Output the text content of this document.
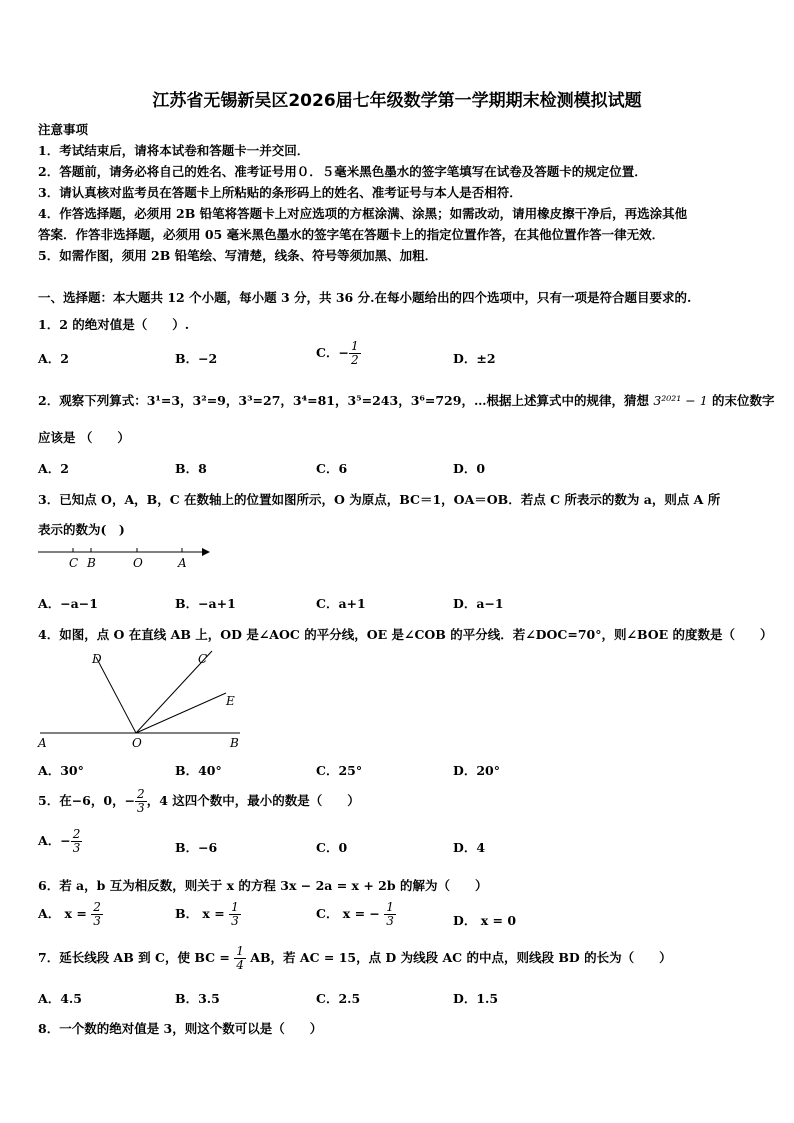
江苏省无锡新吴区2026届七年级数学第一学期期末检测模拟试题
注意事项
1．考试结束后，请将本试卷和答题卡一并交回．
2．答题前，请务必将自己的姓名、准考证号用０．５毫米黑色墨水的签字笔填写在试卷及答题卡的规定位置．
3．请认真核对监考员在答题卡上所粘贴的条形码上的姓名、准考证号与本人是否相符．
4．作答选择题，必须用 2B 铅笔将答题卡上对应选项的方框涂满、涂黑；如需改动，请用橡皮擦干净后，再选涂其他
答案．作答非选择题，必须用 05 毫米黑色墨水的签字笔在答题卡上的指定位置作答，在其他位置作答一律无效．
5．如需作图，须用 2B 铅笔绘、写清楚，线条、符号等须加黑、加粗．
一、选择题：本大题共 12 个小题，每小题 3 分，共 36 分.在每小题给出的四个选项中，只有一项是符合题目要求的.
1．2 的绝对值是（　　）.
A．2	B．−2	C．− $\frac{1}{2}$	D．±2
2．观察下列算式：3¹=3，3²=9，3³=27，3⁴=81，3⁵=243，3⁶=729，…根据上述算式中的规律，猜想 3²⁰²¹ − 1 的末位数字
应该是 （　　）
A．2	B．8	C．6	D．0
3．已知点 O，A，B，C 在数轴上的位置如图所示，O 为原点，BC＝1，OA＝OB．若点 C 所表示的数为 a，则点 A 所
表示的数为(　)
C B	O	A
A．−a−1	B．−a+1	C．a+1	D．a−1
4．如图，点 O 在直线 AB 上，OD 是∠AOC 的平分线，OE 是∠COB 的平分线．若∠DOC=70°，则∠BOE 的度数是（　　）
D	C
E
A	O	B
A．30°	B．40°	C．25°	D．20°
5．在−6，0，− $\frac{2}{3}$ ，4 这四个数中，最小的数是（　　）
A．− $\frac{2}{3}$	B．−6	C．0	D．4
6．若 a，b 互为相反数，则关于 x 的方程 3x − 2a = x + 2b 的解为（　　）
A． $x = \frac{2}{3}$	B． $x = \frac{1}{3}$	C． x = − $\frac{1}{3}$	D． x = 0
7．延长线段 AB 到 C，使 BC = $\frac{1}{4}$ AB，若 AC = 15，点 D 为线段 AC 的中点，则线段 BD 的长为（　　）
A．4.5	B．3.5	C．2.5	D．1.5
8．一个数的绝对值是 3，则这个数可以是（　　）
